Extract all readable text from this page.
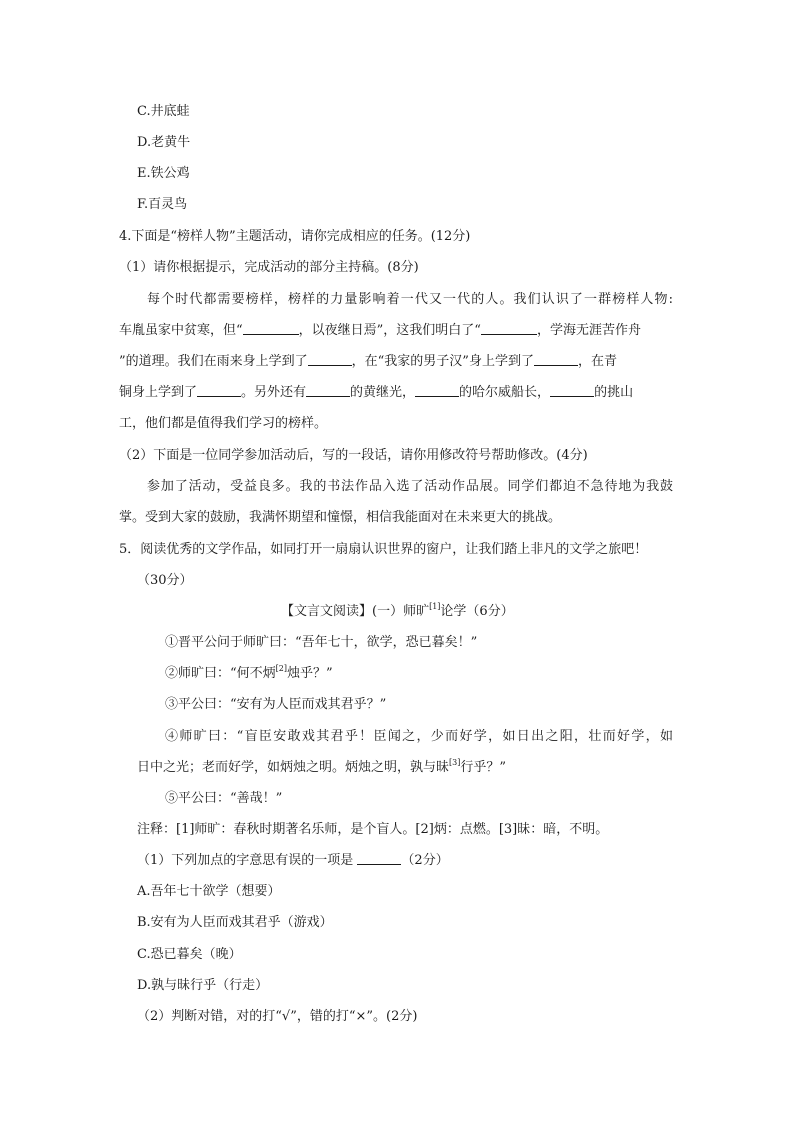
C.井底蛙
D.老黄牛
E.铁公鸡
F.百灵鸟
4.下面是“榜样人物”主题活动，请你完成相应的任务。(12分)
（1）请你根据提示，完成活动的部分主持稿。(8分)
每个时代都需要榜样，榜样的力量影响着一代又一代的人。我们认识了一群榜样人物:
车胤虽家中贫寒，但“	，以夜继日焉”，这我们明白了“	，学海无涯苦作舟
”的道理。我们在雨来身上学到了	，在“我家的男子汉”身上学到了	，在青
铜身上学到了	。另外还有	的黄继光，	的哈尔威船长，	的挑山
工，他们都是值得我们学习的榜样。
（2）下面是一位同学参加活动后，写的一段话，请你用修改符号帮助修改。(4分)
参加了活动，受益良多。我的书法作品入选了活动作品展。同学们都迫不急待地为我鼓
掌。受到大家的鼓励，我满怀期望和憧憬，相信我能面对在未来更大的挑战。
5．阅读优秀的文学作品，如同打开一扇扇认识世界的窗户，让我们踏上非凡的文学之旅吧！
（30分）
【文言文阅读】(一）师旷[1]论学（6分）
①晋平公问于师旷曰：“吾年七十，欲学，恐已暮矣！”
②师旷曰：“何不炳[2]烛乎？”
③平公曰：“安有为人臣而戏其君乎？”
④师旷曰：“盲臣安敢戏其君乎！臣闻之，少而好学，如日出之阳，壮而好学，如
日中之光；老而好学，如炳烛之明。炳烛之明，孰与昧[3]行乎？”
⑤平公曰：“善哉！”
注释：[1]师旷：春秋时期著名乐师，是个盲人。[2]炳：点燃。[3]昧：暗，不明。
（1）下列加点的字意思有误的一项是	（2分）
A.吾年七十欲学（想要）
B.安有为人臣而戏其君乎（游戏）
C.恐已暮矣（晚）
D.孰与昧行乎（行走）
（2）判断对错，对的打“√”，错的打“×”。(2分)
